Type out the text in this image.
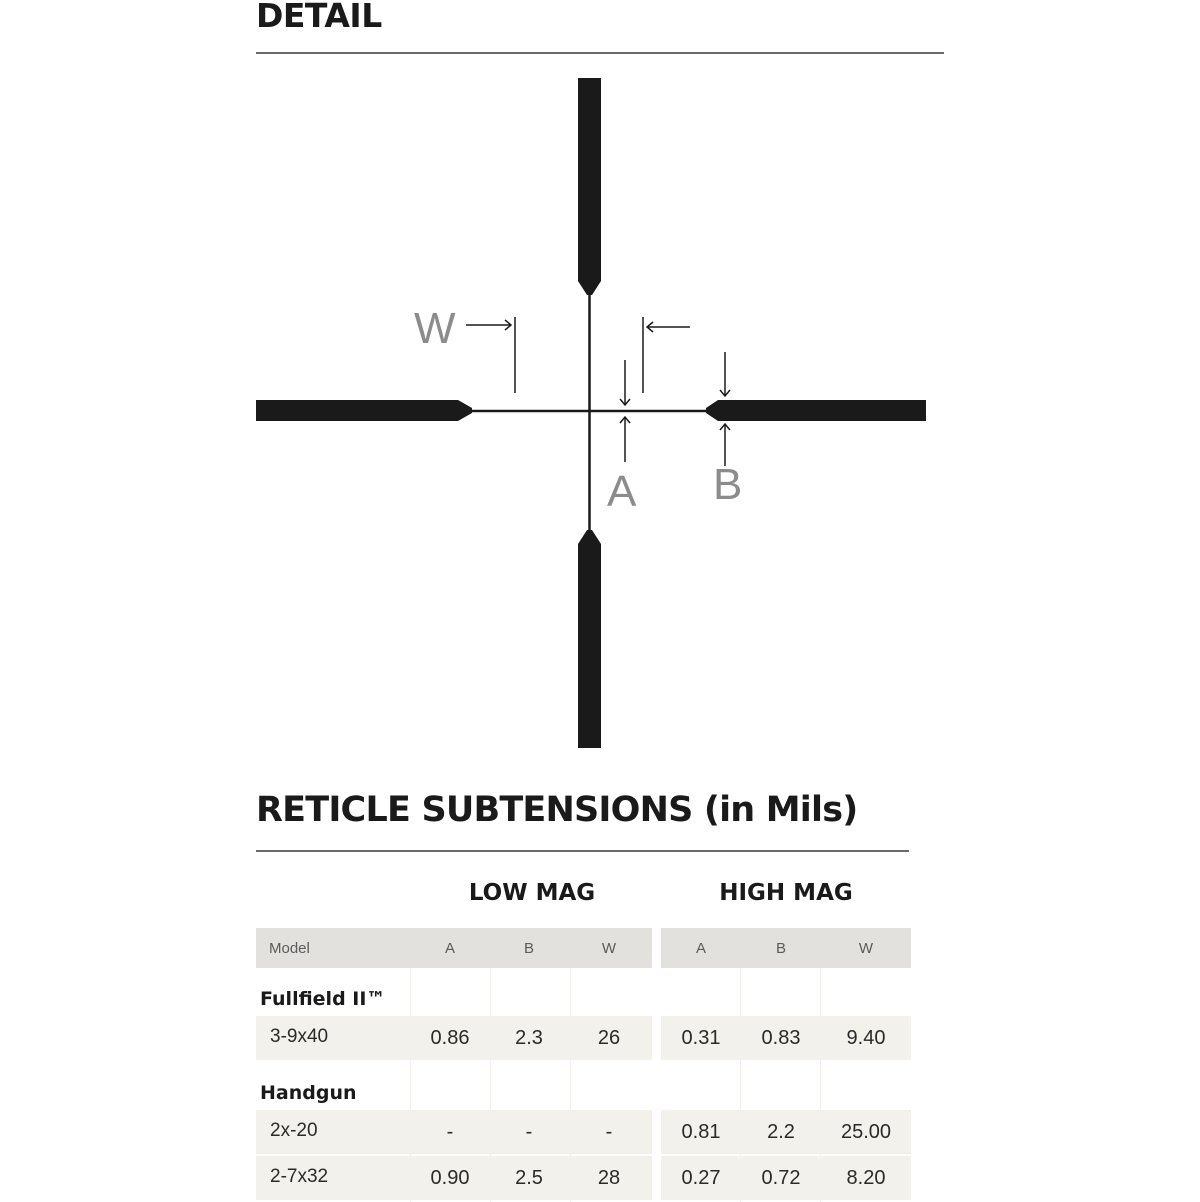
DETAIL
W
A B
RETICLE SUBTENSIONS (in Mils)
LOW MAG	HIGH MAG
Model	A	B	W	A	B	W
Fullfield II™
3-9x40	0.86	2.3	26	0.31	0.83	9.40
Handgun
2x-20	-	-	-	0.81	2.2	25.00
2-7x32	0.90	2.5	28	0.27	0.72	8.20
